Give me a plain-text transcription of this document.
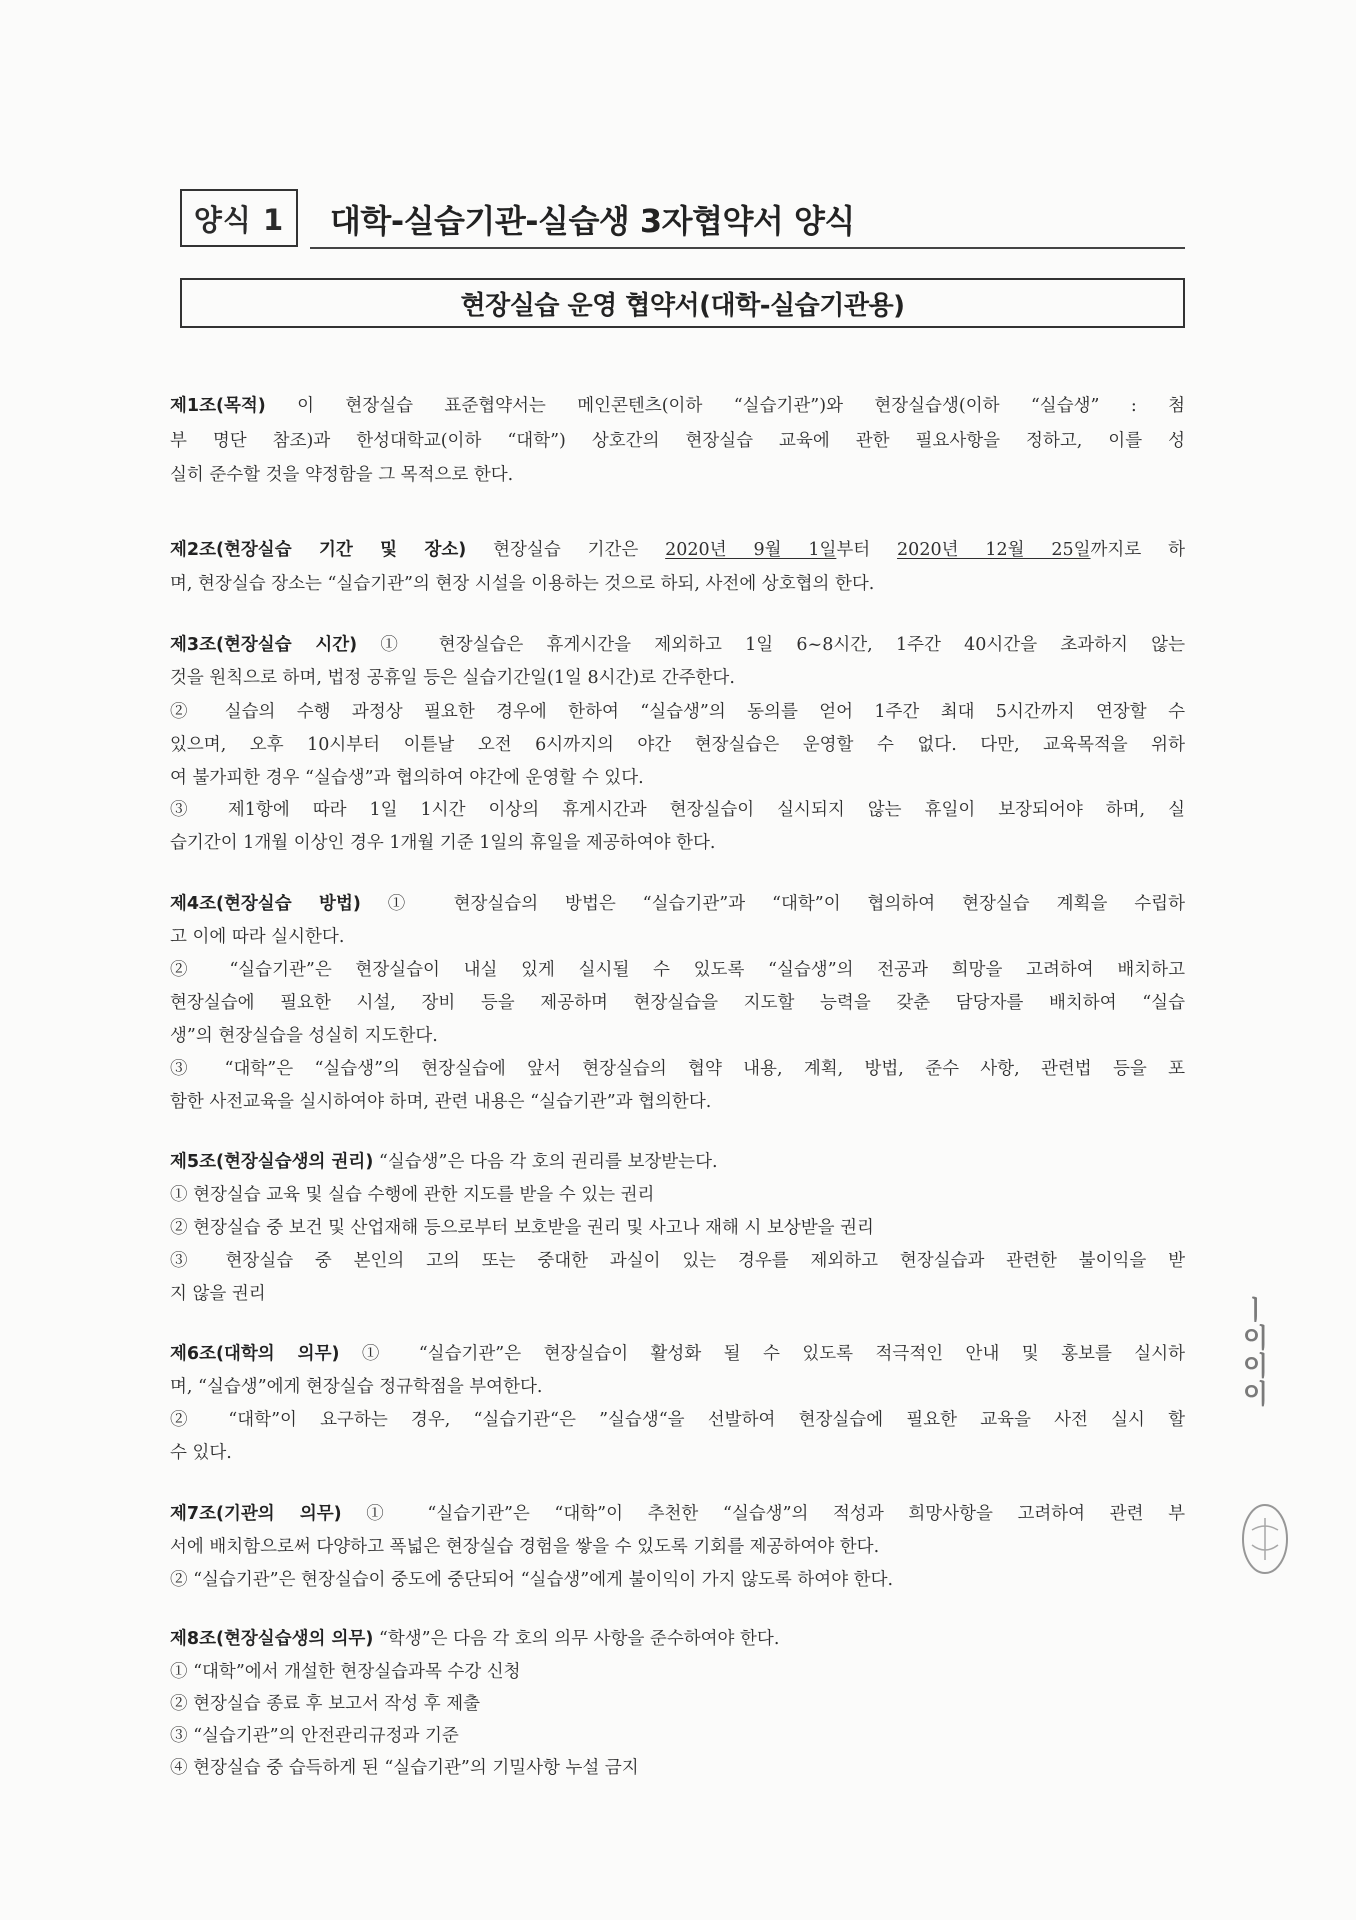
양식 1	대학-실습기관-실습생 3자협약서 양식
현장실습 운영 협약서(대학-실습기관용)
제1조(목적) 이 현장실습 표준협약서는 메인콘텐츠(이하 “실습기관”)와 현장실습생(이하 “실습생” : 첨
부 명단 참조)과 한성대학교(이하 “대학”) 상호간의 현장실습 교육에 관한 필요사항을 정하고, 이를 성
실히 준수할 것을 약정함을 그 목적으로 한다.
제2조(현장실습 기간 및 장소) 현장실습 기간은 2020년 9월 1일부터 2020년 12월 25일까지로 하
며, 현장실습 장소는 “실습기관”의 현장 시설을 이용하는 것으로 하되, 사전에 상호협의 한다.
제3조(현장실습 시간) ① 현장실습은 휴게시간을 제외하고 1일 6~8시간, 1주간 40시간을 초과하지 않는
것을 원칙으로 하며, 법정 공휴일 등은 실습기간일(1일 8시간)로 간주한다.
② 실습의 수행 과정상 필요한 경우에 한하여 “실습생”의 동의를 얻어 1주간 최대 5시간까지 연장할 수
있으며, 오후 10시부터 이튿날 오전 6시까지의 야간 현장실습은 운영할 수 없다. 다만, 교육목적을 위하
여 불가피한 경우 “실습생”과 협의하여 야간에 운영할 수 있다.
③ 제1항에 따라 1일 1시간 이상의 휴게시간과 현장실습이 실시되지 않는 휴일이 보장되어야 하며, 실
습기간이 1개월 이상인 경우 1개월 기준 1일의 휴일을 제공하여야 한다.
제4조(현장실습 방법) ① 현장실습의 방법은 “실습기관”과 “대학”이 협의하여 현장실습 계획을 수립하
고 이에 따라 실시한다.
② “실습기관”은 현장실습이 내실 있게 실시될 수 있도록 “실습생”의 전공과 희망을 고려하여 배치하고
현장실습에 필요한 시설, 장비 등을 제공하며 현장실습을 지도할 능력을 갖춘 담당자를 배치하여 “실습
생”의 현장실습을 성실히 지도한다.
③ “대학”은 “실습생”의 현장실습에 앞서 현장실습의 협약 내용, 계획, 방법, 준수 사항, 관련법 등을 포
함한 사전교육을 실시하여야 하며, 관련 내용은 “실습기관”과 협의한다.
제5조(현장실습생의 권리) “실습생”은 다음 각 호의 권리를 보장받는다.
① 현장실습 교육 및 실습 수행에 관한 지도를 받을 수 있는 권리
② 현장실습 중 보건 및 산업재해 등으로부터 보호받을 권리 및 사고나 재해 시 보상받을 권리
③ 현장실습 중 본인의 고의 또는 중대한 과실이 있는 경우를 제외하고 현장실습과 관련한 불이익을 받
지 않을 권리
제6조(대학의 의무) ① “실습기관”은 현장실습이 활성화 될 수 있도록 적극적인 안내 및 홍보를 실시하
며, “실습생”에게 현장실습 정규학점을 부여한다.
② “대학”이 요구하는 경우, “실습기관“은 ”실습생“을 선발하여 현장실습에 필요한 교육을 사전 실시 할
수 있다.
제7조(기관의 의무) ① “실습기관”은 “대학”이 추천한 “실습생”의 적성과 희망사항을 고려하여 관련 부
서에 배치함으로써 다양하고 폭넓은 현장실습 경험을 쌓을 수 있도록 기회를 제공하여야 한다.
② “실습기관”은 현장실습이 중도에 중단되어 “실습생”에게 불이익이 가지 않도록 하여야 한다.
제8조(현장실습생의 의무) “학생”은 다음 각 호의 의무 사항을 준수하여야 한다.
① “대학”에서 개설한 현장실습과목 수강 신청
② 현장실습 종료 후 보고서 작성 후 제출
③ “실습기관”의 안전관리규정과 기준
④ 현장실습 중 습득하게 된 “실습기관”의 기밀사항 누설 금지
ㅣ이이이
